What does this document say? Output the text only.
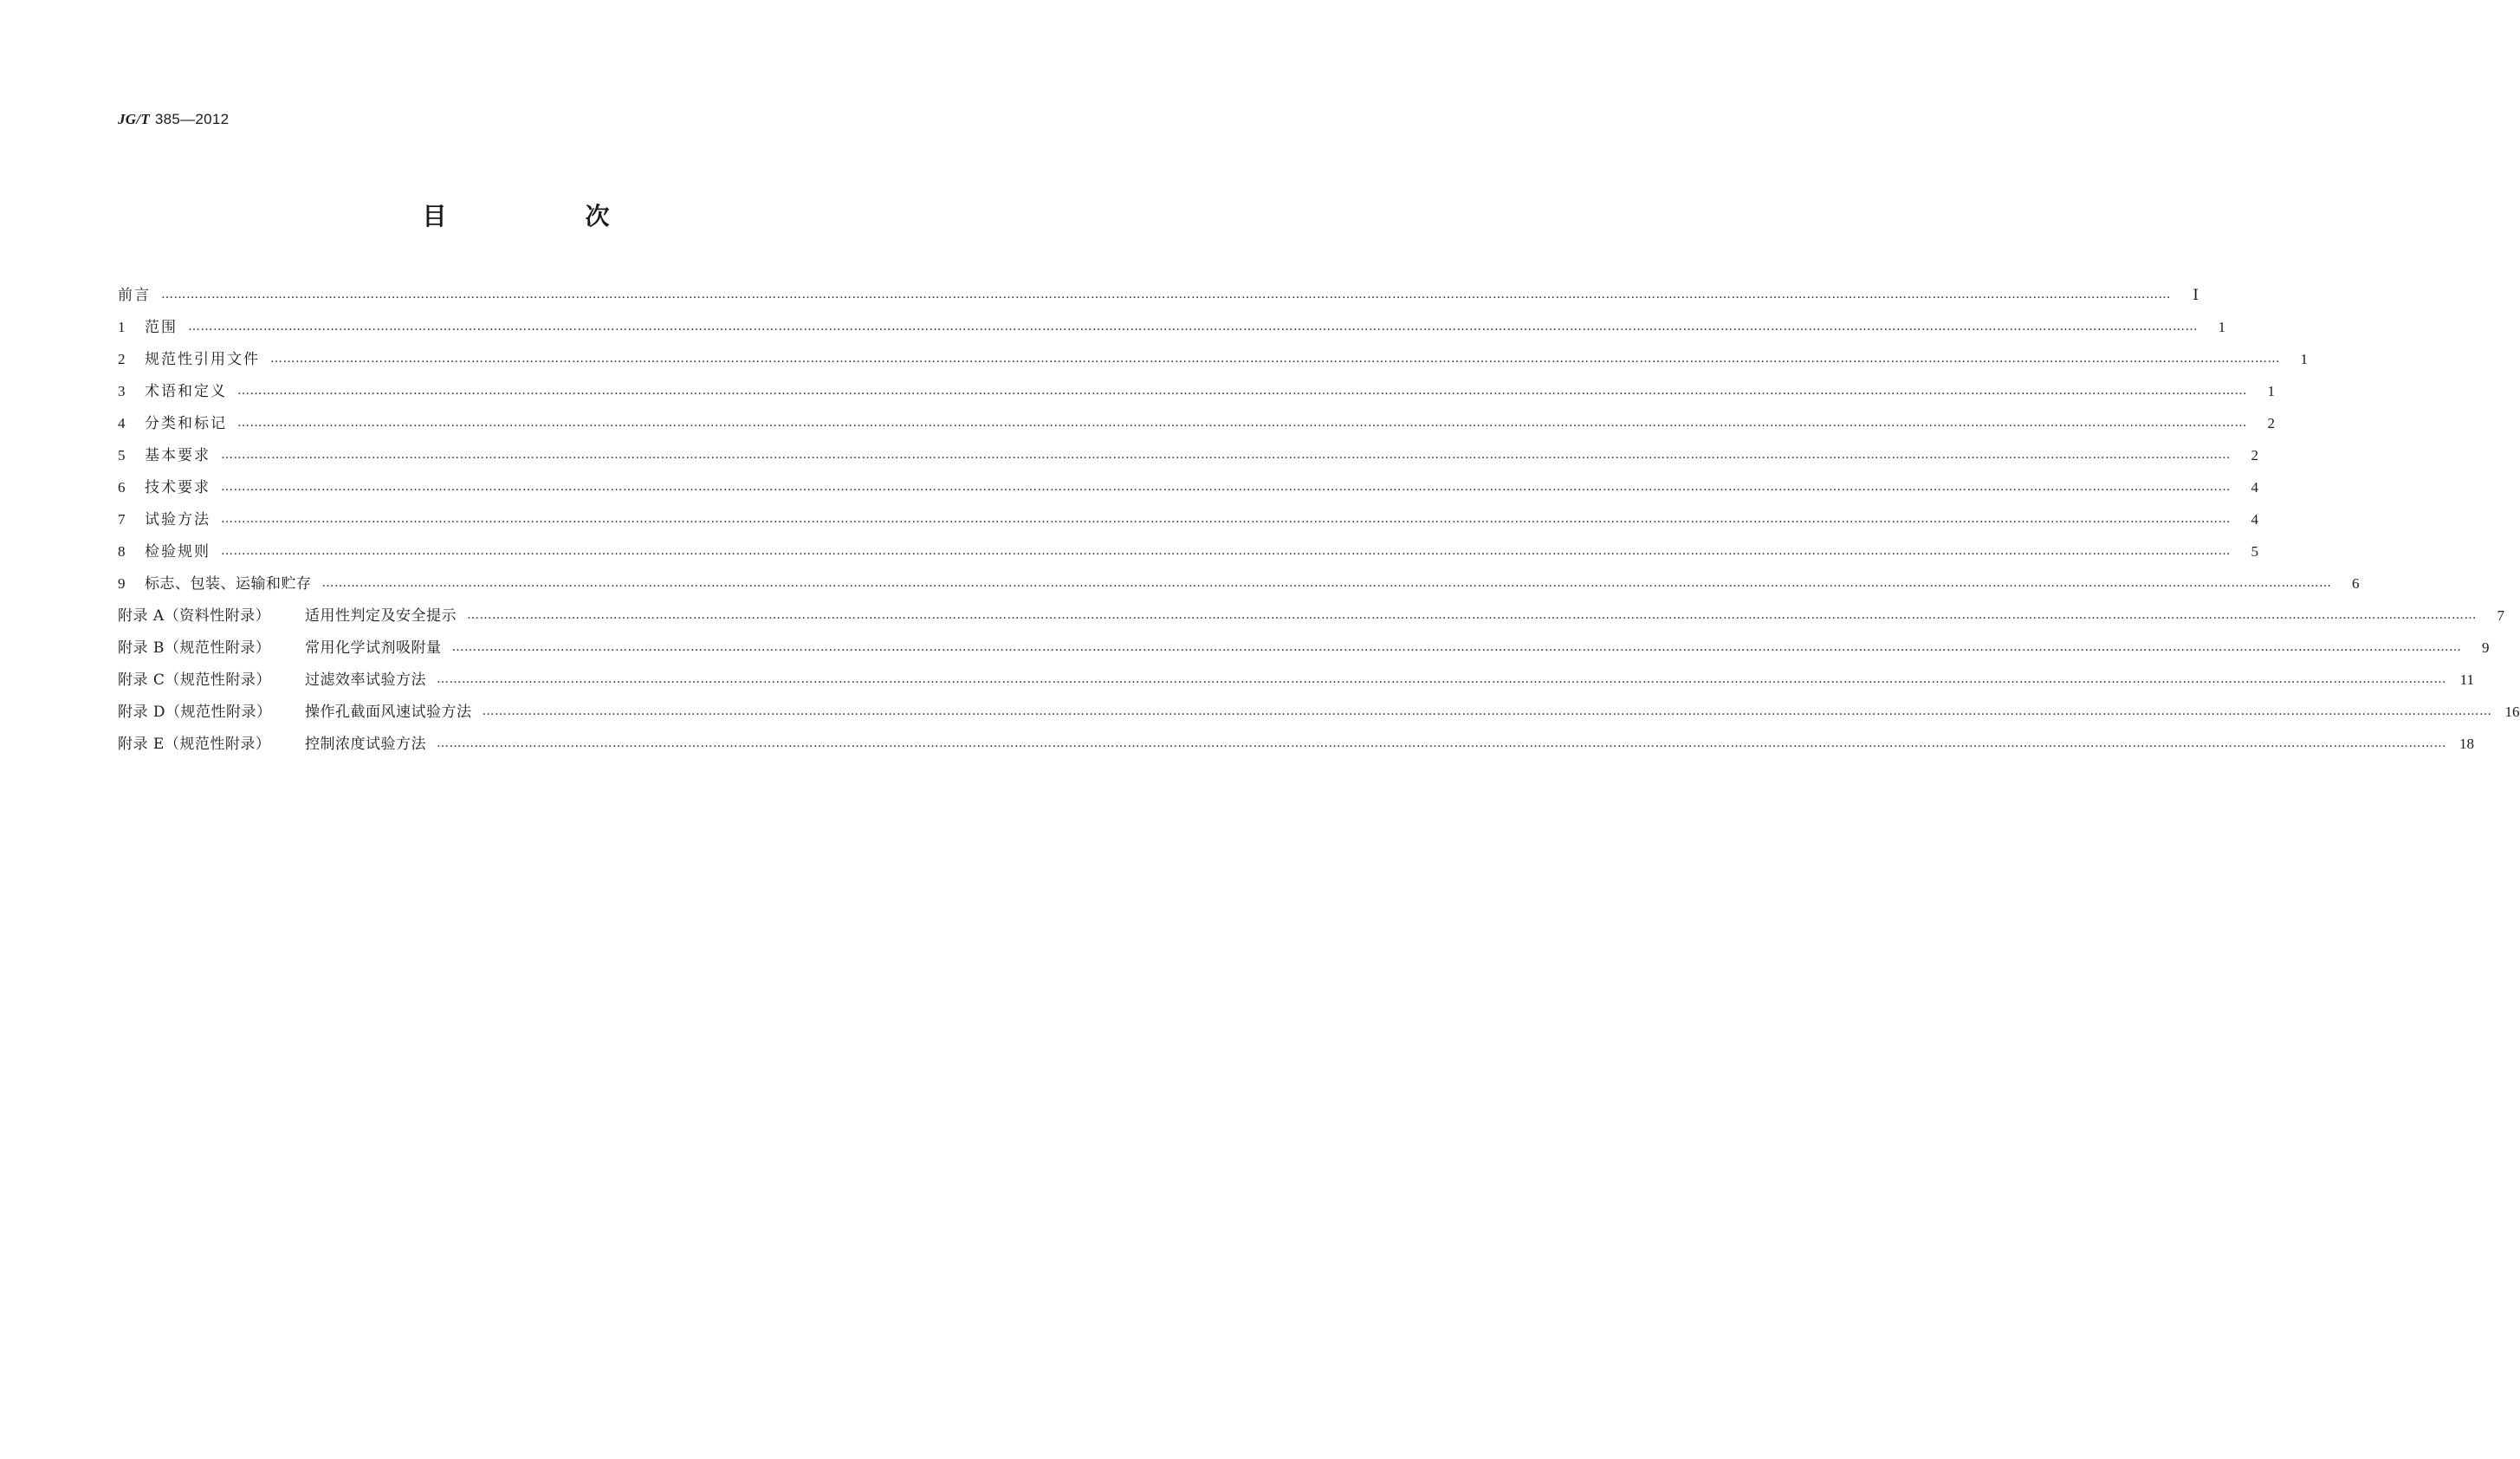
JG/T 385—2012
目　次
前言 …………………………………………………………………………………………………………………………………………………………………………………………………………………………………………………………………………………………………………………………………………………………………………………………………………………………………………	Ⅰ
1	范围 …………………………………………………………………………………………………………………………………………………………………………………………………………………………………………………………………………………………………………………………………………………………………………………………………………………………………………	1
2	规范性引用文件 …………………………………………………………………………………………………………………………………………………………………………………………………………………………………………………………………………………………………………………………………………………………………………………………………………………………………………	1
3	术语和定义 …………………………………………………………………………………………………………………………………………………………………………………………………………………………………………………………………………………………………………………………………………………………………………………………………………………………………………	1
4	分类和标记 …………………………………………………………………………………………………………………………………………………………………………………………………………………………………………………………………………………………………………………………………………………………………………………………………………………………………………	2
5	基本要求 …………………………………………………………………………………………………………………………………………………………………………………………………………………………………………………………………………………………………………………………………………………………………………………………………………………………………………	2
6	技术要求 …………………………………………………………………………………………………………………………………………………………………………………………………………………………………………………………………………………………………………………………………………………………………………………………………………………………………………	4
7	试验方法 …………………………………………………………………………………………………………………………………………………………………………………………………………………………………………………………………………………………………………………………………………………………………………………………………………………………………………	4
8	检验规则 …………………………………………………………………………………………………………………………………………………………………………………………………………………………………………………………………………………………………………………………………………………………………………………………………………………………………………	5
9	标志、包装、运输和贮存 …………………………………………………………………………………………………………………………………………………………………………………………………………………………………………………………………………………………………………………………………………………………………………………………………………………………………………	6
附录 A（资料性附录）	适用性判定及安全提示 …………………………………………………………………………………………………………………………………………………………………………………………………………………………………………………………………………………………………………………………………………………………………………………………………………………………………………	7
附录 B（规范性附录）	常用化学试剂吸附量 …………………………………………………………………………………………………………………………………………………………………………………………………………………………………………………………………………………………………………………………………………………………………………………………………………………………………………	9
附录 C（规范性附录）	过滤效率试验方法 ………………………………………………………………………………………………………………………………………………………………………………………………………………………………………………………………………………………………………………………………………………………………………………………………………………………………………… 11
附录 D（规范性附录）	操作孔截面风速试验方法 ………………………………………………………………………………………………………………………………………………………………………………………………………………………………………………………………………………………………………………………………………………………………………………………………………………………………………… 16
附录 E（规范性附录）	控制浓度试验方法 ………………………………………………………………………………………………………………………………………………………………………………………………………………………………………………………………………………………………………………………………………………………………………………………………………………………………………… 18
